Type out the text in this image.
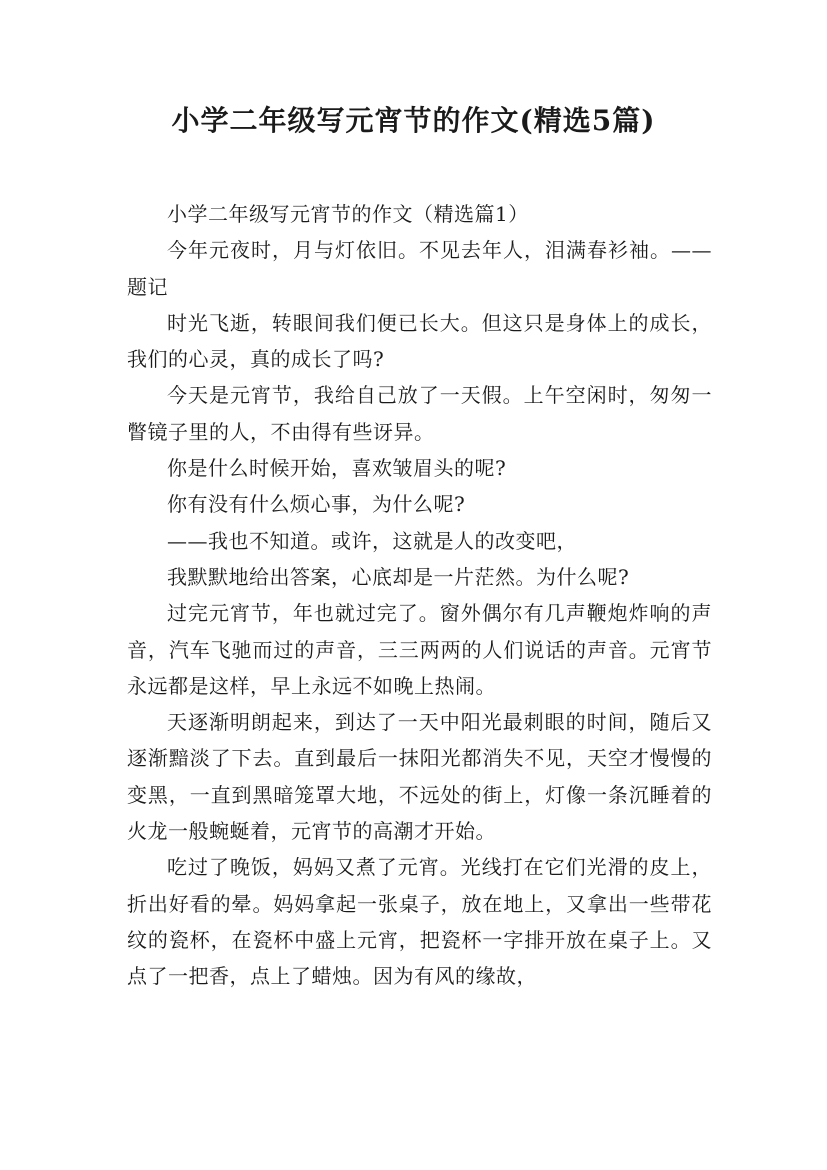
小学二年级写元宵节的作文(精选5篇)

小学二年级写元宵节的作文（精选篇1）

今年元夜时，月与灯依旧。不见去年人，泪满春衫袖。——题记

时光飞逝，转眼间我们便已长大。但这只是身体上的成长，我们的心灵，真的成长了吗?

今天是元宵节，我给自己放了一天假。上午空闲时，匆匆一瞥镜子里的人，不由得有些讶异。

你是什么时候开始，喜欢皱眉头的呢?

你有没有什么烦心事，为什么呢?

——我也不知道。或许，这就是人的改变吧，

我默默地给出答案，心底却是一片茫然。为什么呢?

过完元宵节，年也就过完了。窗外偶尔有几声鞭炮炸响的声音，汽车飞驰而过的声音，三三两两的人们说话的声音。元宵节永远都是这样，早上永远不如晚上热闹。

天逐渐明朗起来，到达了一天中阳光最刺眼的时间，随后又逐渐黯淡了下去。直到最后一抹阳光都消失不见，天空才慢慢的变黑，一直到黑暗笼罩大地，不远处的街上，灯像一条沉睡着的火龙一般蜿蜒着，元宵节的高潮才开始。

吃过了晚饭，妈妈又煮了元宵。光线打在它们光滑的皮上，折出好看的晕。妈妈拿起一张桌子，放在地上，又拿出一些带花纹的瓷杯，在瓷杯中盛上元宵，把瓷杯一字排开放在桌子上。又点了一把香，点上了蜡烛。因为有风的缘故，
